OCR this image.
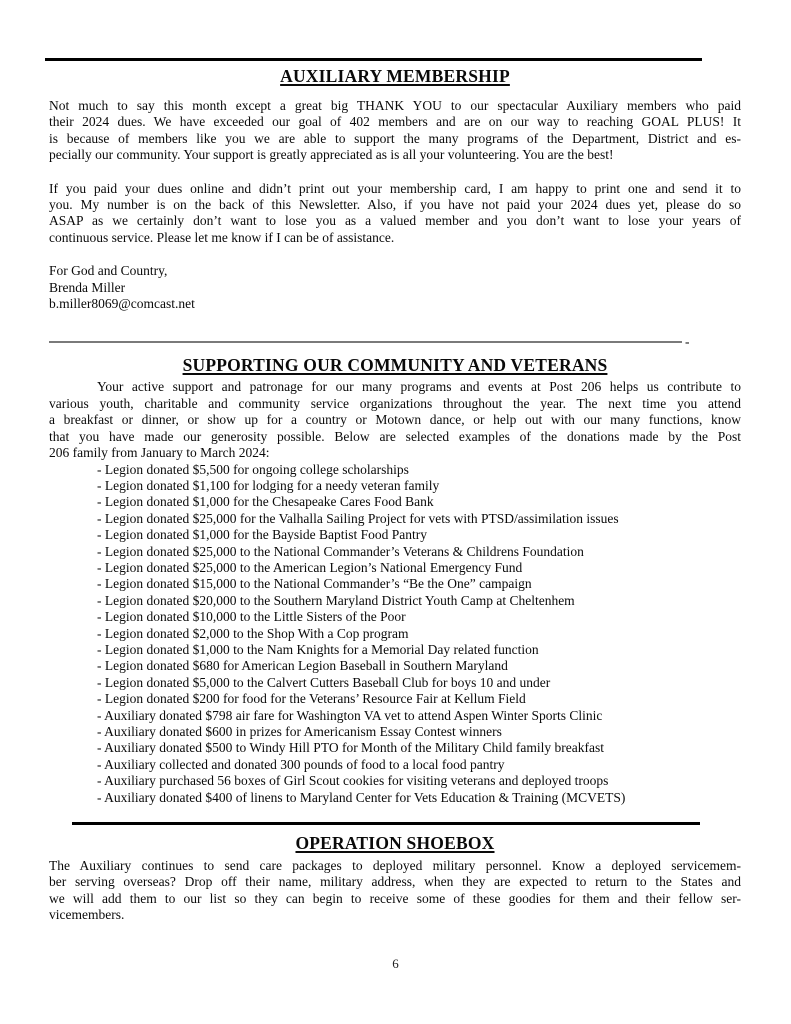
AUXILIARY MEMBERSHIP
Not much to say this month except a great big THANK YOU to our spectacular Auxiliary members who paid
their 2024 dues. We have exceeded our goal of 402 members and are on our way to reaching GOAL PLUS! It
is because of members like you we are able to support the many programs of the Department, District and es-
pecially our community. Your support is greatly appreciated as is all your volunteering. You are the best!
If you paid your dues online and didn’t print out your membership card, I am happy to print one and send it to
you. My number is on the back of this Newsletter. Also, if you have not paid your 2024 dues yet, please do so
ASAP as we certainly don’t want to lose you as a valued member and you don’t want to lose your years of
continuous service. Please let me know if I can be of assistance.
For God and Country,
Brenda Miller
b.miller8069@comcast.net
-
SUPPORTING OUR COMMUNITY AND VETERANS
Your active support and patronage for our many programs and events at Post 206 helps us contribute to
various youth, charitable and community service organizations throughout the year. The next time you attend
a breakfast or dinner, or show up for a country or Motown dance, or help out with our many functions, know
that you have made our generosity possible. Below are selected examples of the donations made by the Post
206 family from January to March 2024:
- Legion donated $5,500 for ongoing college scholarships
- Legion donated $1,100 for lodging for a needy veteran family
- Legion donated $1,000 for the Chesapeake Cares Food Bank
- Legion donated $25,000 for the Valhalla Sailing Project for vets with PTSD/assimilation issues
- Legion donated $1,000 for the Bayside Baptist Food Pantry
- Legion donated $25,000 to the National Commander’s Veterans & Childrens Foundation
- Legion donated $25,000 to the American Legion’s National Emergency Fund
- Legion donated $15,000 to the National Commander’s “Be the One” campaign
- Legion donated $20,000 to the Southern Maryland District Youth Camp at Cheltenhem
- Legion donated $10,000 to the Little Sisters of the Poor
- Legion donated $2,000 to the Shop With a Cop program
- Legion donated $1,000 to the Nam Knights for a Memorial Day related function
- Legion donated $680 for American Legion Baseball in Southern Maryland
- Legion donated $5,000 to the Calvert Cutters Baseball Club for boys 10 and under
- Legion donated $200 for food for the Veterans’ Resource Fair at Kellum Field
- Auxiliary donated $798 air fare for Washington VA vet to attend Aspen Winter Sports Clinic
- Auxiliary donated $600 in prizes for Americanism Essay Contest winners
- Auxiliary donated $500 to Windy Hill PTO for Month of the Military Child family breakfast
- Auxiliary collected and donated 300 pounds of food to a local food pantry
- Auxiliary purchased 56 boxes of Girl Scout cookies for visiting veterans and deployed troops
- Auxiliary donated $400 of linens to Maryland Center for Vets Education & Training (MCVETS)
OPERATION SHOEBOX
The Auxiliary continues to send care packages to deployed military personnel. Know a deployed servicemem-
ber serving overseas? Drop off their name, military address, when they are expected to return to the States and
we will add them to our list so they can begin to receive some of these goodies for them and their fellow ser-
vicemembers.
6
